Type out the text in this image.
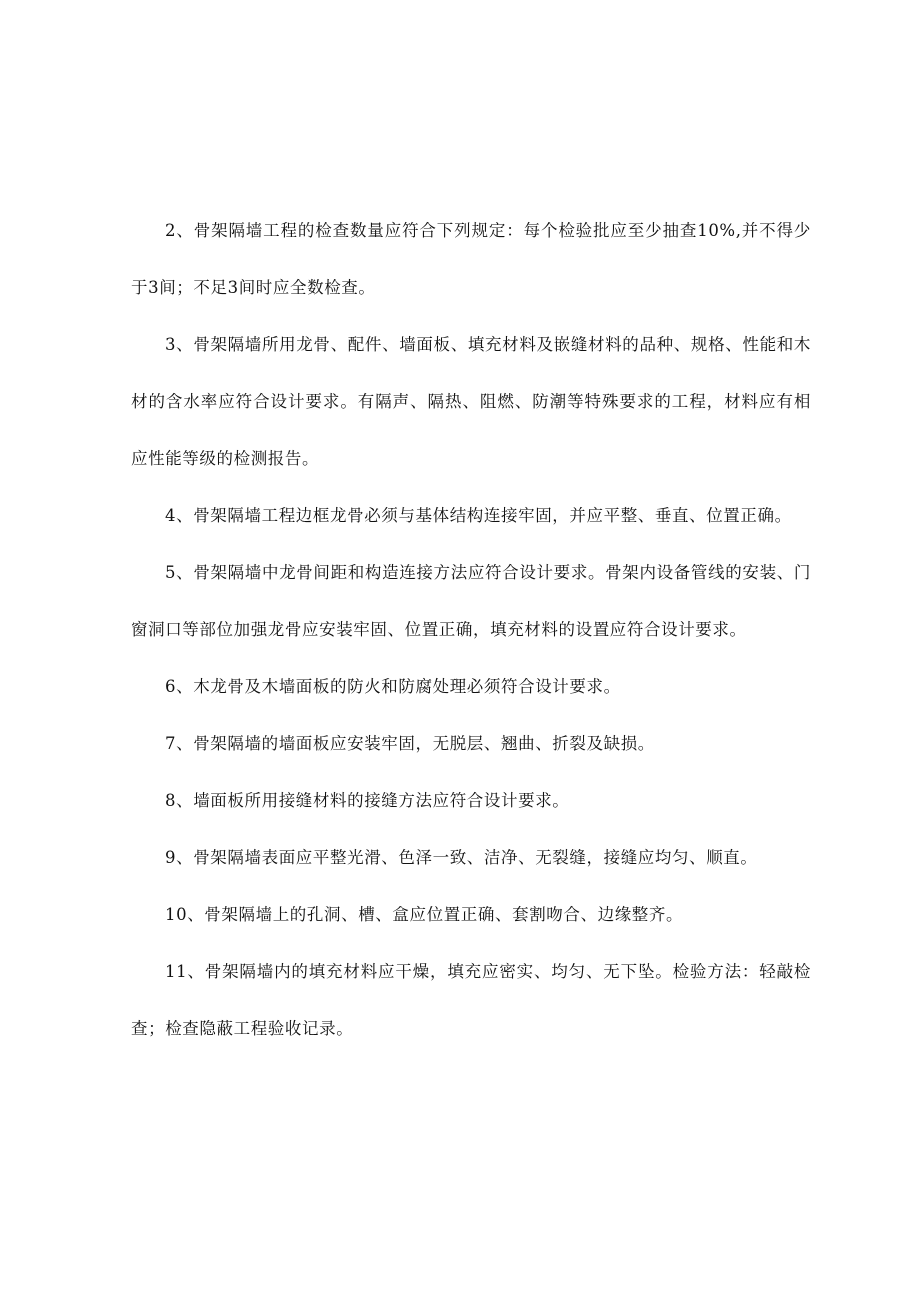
2、骨架隔墙工程的检查数量应符合下列规定：每个检验批应至少抽查10%,并不得少于3间；不足3间时应全数检查。

3、骨架隔墙所用龙骨、配件、墙面板、填充材料及嵌缝材料的品种、规格、性能和木材的含水率应符合设计要求。有隔声、隔热、阻燃、防潮等特殊要求的工程，材料应有相应性能等级的检测报告。

4、骨架隔墙工程边框龙骨必须与基体结构连接牢固，并应平整、垂直、位置正确。

5、骨架隔墙中龙骨间距和构造连接方法应符合设计要求。骨架内设备管线的安装、门窗洞口等部位加强龙骨应安装牢固、位置正确，填充材料的设置应符合设计要求。

6、木龙骨及木墙面板的防火和防腐处理必须符合设计要求。

7、骨架隔墙的墙面板应安装牢固，无脱层、翘曲、折裂及缺损。

8、墙面板所用接缝材料的接缝方法应符合设计要求。

9、骨架隔墙表面应平整光滑、色泽一致、洁净、无裂缝，接缝应均匀、顺直。

10、骨架隔墙上的孔洞、槽、盒应位置正确、套割吻合、边缘整齐。

11、骨架隔墙内的填充材料应干燥，填充应密实、均匀、无下坠。检验方法：轻敲检查；检查隐蔽工程验收记录。
